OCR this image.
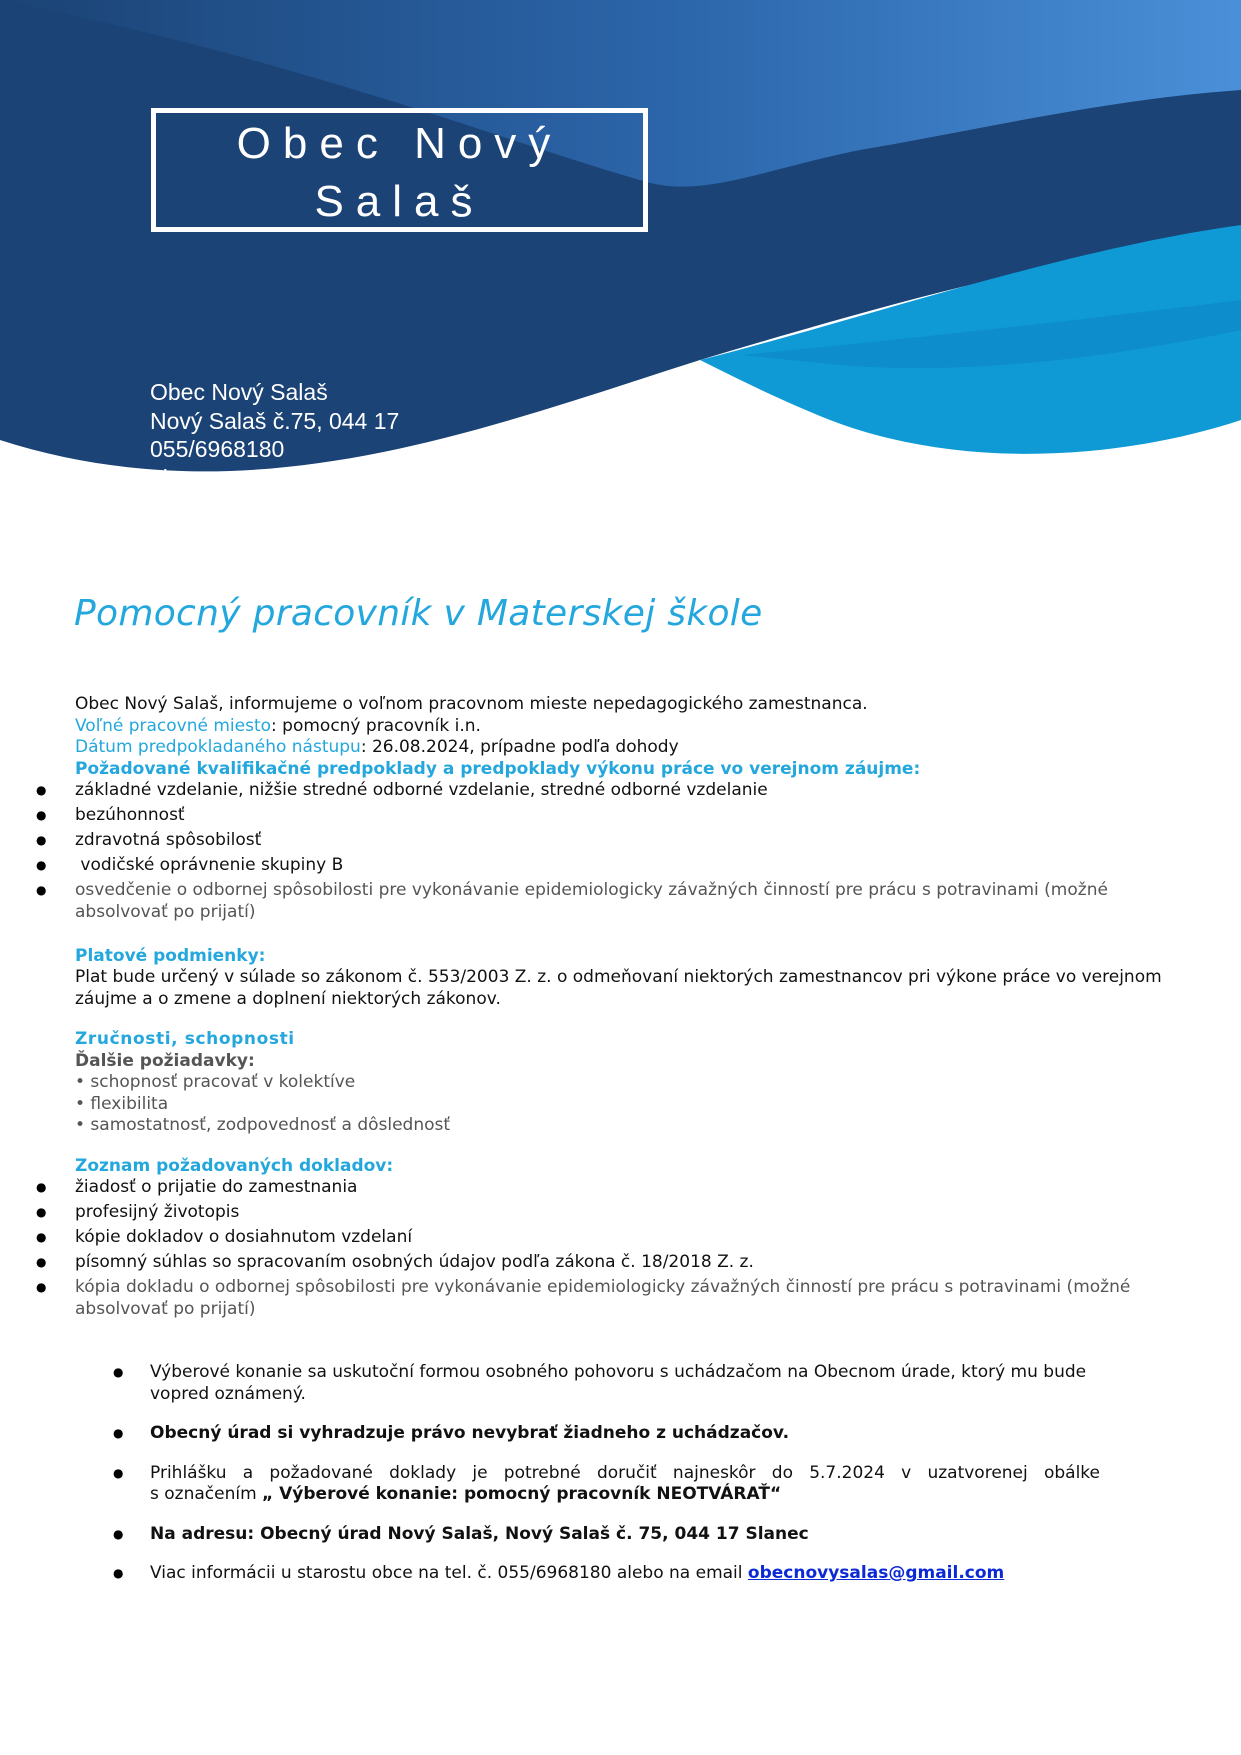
Obec Nový
Salaš
Obec Nový Salaš
Nový Salaš č.75, 044 17
055/6968180
obecnovysalas@gmail.com
Pomocný pracovník v Materskej škole
Obec Nový Salaš, informujeme o voľnom pracovnom mieste nepedagogického zamestnanca.
Voľné pracovné miesto: pomocný pracovník i.n.
Dátum predpokladaného nástupu: 26.08.2024, prípadne podľa dohody
Požadované kvalifikačné predpoklady a predpoklady výkonu práce vo verejnom záujme:
● základné vzdelanie, nižšie stredné odborné vzdelanie, stredné odborné vzdelanie
● bezúhonnosť
● zdravotná spôsobilosť
●  vodičské oprávnenie skupiny B
● osvedčenie o odbornej spôsobilosti pre vykonávanie epidemiologicky závažných činností pre prácu s potravinami (možné absolvovať po prijatí)
Platové podmienky:
Plat bude určený v súlade so zákonom č. 553/2003 Z. z. o odmeňovaní niektorých zamestnancov pri výkone práce vo verejnom záujme a o zmene a doplnení niektorých zákonov.
Zručnosti, schopnosti
Ďalšie požiadavky:
• schopnosť pracovať v kolektíve
• flexibilita
• samostatnosť, zodpovednosť a dôslednosť
Zoznam požadovaných dokladov:
● žiadosť o prijatie do zamestnania
● profesijný životopis
● kópie dokladov o dosiahnutom vzdelaní
● písomný súhlas so spracovaním osobných údajov podľa zákona č. 18/2018 Z. z.
● kópia dokladu o odbornej spôsobilosti pre vykonávanie epidemiologicky závažných činností pre prácu s potravinami (možné absolvovať po prijatí)
● Výberové konanie sa uskutoční formou osobného pohovoru s uchádzačom na Obecnom úrade, ktorý mu bude vopred oznámený.
● Obecný úrad si vyhradzuje právo nevybrať žiadneho z uchádzačov.
● Prihlášku a požadované doklady je potrebné doručiť najneskôr do 5.7.2024 v uzatvorenej obálke
s označením „ Výberové konanie: pomocný pracovník NEOTVÁRAŤ“
● Na adresu: Obecný úrad Nový Salaš, Nový Salaš č. 75, 044 17 Slanec
● Viac informácii u starostu obce na tel. č. 055/6968180 alebo na email obecnovysalas@gmail.com
